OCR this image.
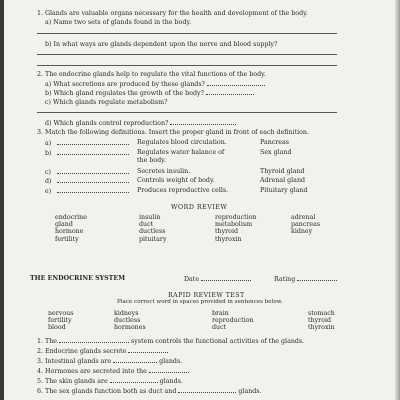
1. Glands are valuable organs necessary for the health and development of the body.
a) Name two sets of glands found in the body.
b) In what ways are glands dependent upon the nerve and blood supply?
2. The endocrine glands help to regulate the vital functions of the body.
a) What secretions are produced by these glands?
b) Which gland regulates the growth of the body?
c) Which glands regulate metabolism?
d) Which glands control reproduction?
3. Match the following definitions. Insert the proper gland in front of each definition.
a)	Regulates blood circulation.	Pancreas
b)	Regulates water balance of	Sex gland
the body.
c)	Secretes insulin.	Thyroid gland
d)	Controls weight of body.	Adrenal gland
e)	Produces reproductive cells.	Pituitary gland
WORD REVIEW
endocrine	insulin	reproduction	adrenal
gland	duct	metabolism	pancreas
hormone	ductless	thyroid	kidney
fertility	pituitary	thyroxin
THE ENDOCRINE SYSTEM	Date	Rating
RAPID REVIEW TEST
Place correct word in spaces provided in sentences below.
nervous	kidneys	brain	stomach
fertility	ductless	reproduction	thyroid
blood	hormones	duct	thyroxin
1. The	system controls the functional activities of the glands.
2. Endocrine glands secrete
3. Intestinal glands are	glands.
4. Hormones are secreted into the
5. The skin glands are	glands.
6. The sex glands function both as duct and	glands.
